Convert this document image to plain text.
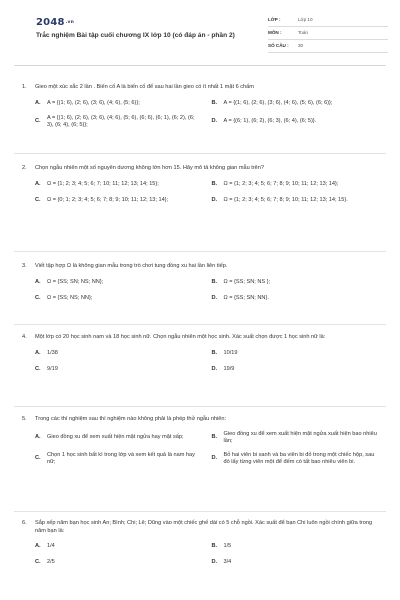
$2048^{.vn}$
Trắc nghiệm Bài tập cuối chương IX lớp 10 (có đáp án - phần 2)
LỚP :	Lớp 10
MÔN :	Toán
SỐ CÂU :	30
1.	Gieo một xúc xắc 2 lần . Biến cố A là biến cố để sau hai lần gieo có ít nhất 1 mặt 6 chấm
A.	A = {(1; 6), (2; 6), (3; 6), (4; 6), (5; 6)};	B.	A = {(1; 6), (2; 6), (3; 6), (4; 6), (5; 6), (6; 6)};
C.
A = {(1; 6), (2; 6), (3; 6), (4; 6), (5; 6), (6; 6), (6; 1), (6; 2), (6; 3), (6; 4), (6; 5)};
D.	A = {(6; 1), (6; 2), (6; 3), (6; 4), (6; 5)}.
2.	Chọn ngẫu nhiên một số nguyên dương không lớn hơn 15. Hãy mô tả không gian mẫu trên?
A.	Ω = {1; 2; 3; 4; 5; 6; 7; 10; 11; 12; 13; 14; 15};	B.	Ω = {1; 2; 3; 4; 5; 6; 7; 8; 9; 10; 11; 12; 13; 14};
C.	Ω = {0; 1; 2; 3; 4; 5; 6; 7; 8; 9; 10; 11; 12; 13; 14};	D.	Ω = {1; 2; 3; 4; 5; 6; 7; 8; 9; 10; 11; 12; 13; 14; 15}.
3.	Viết tập hợp Ω là không gian mẫu trong trò chơi tung đồng xu hai lần liên tiếp.
A.	Ω = {SS; SN; NS; NN};	B.	Ω = {SS; SN; NS };
C.	Ω = {SS; NS; NN};	D.	Ω = {SS; SN; NN}.
4.	Một lớp có 20 học sinh nam và 18 học sinh nữ. Chọn ngẫu nhiên một học sinh. Xác suất chọn được 1 học sinh nữ là:
A.	1/38	B.	10/19
C.	9/19	D.	19/9
5.	Trong các thí nghiệm sau thí nghiệm nào không phải là phép thử ngẫu nhiên:
A.	Gieo đồng xu để xem xuất hiện mặt ngửa hay mặt sấp;	B.
Gieo đồng xu để xem xuất hiện mặt ngửa xuất hiện bao nhiêu lần;
C.
Chọn 1 học sinh bất kì trong lớp và xem kết quả là nam hay nữ;
D.
Bỏ hai viên bi xanh và ba viên bi đỏ trong một chiếc hộp, sau đó lấy từng viên một để đếm có tất bao nhiêu viên bi.
6.	Sắp xếp năm bạn học sinh An; Bình; Chi; Lê; Dũng vào một chiếc ghế dài có 5 chỗ ngồi. Xác suất để bạn Chi luôn ngồi chính giữa trong năm bạn là:
A.	1/4	B.	1/5
C.	2/5	D.	3/4
